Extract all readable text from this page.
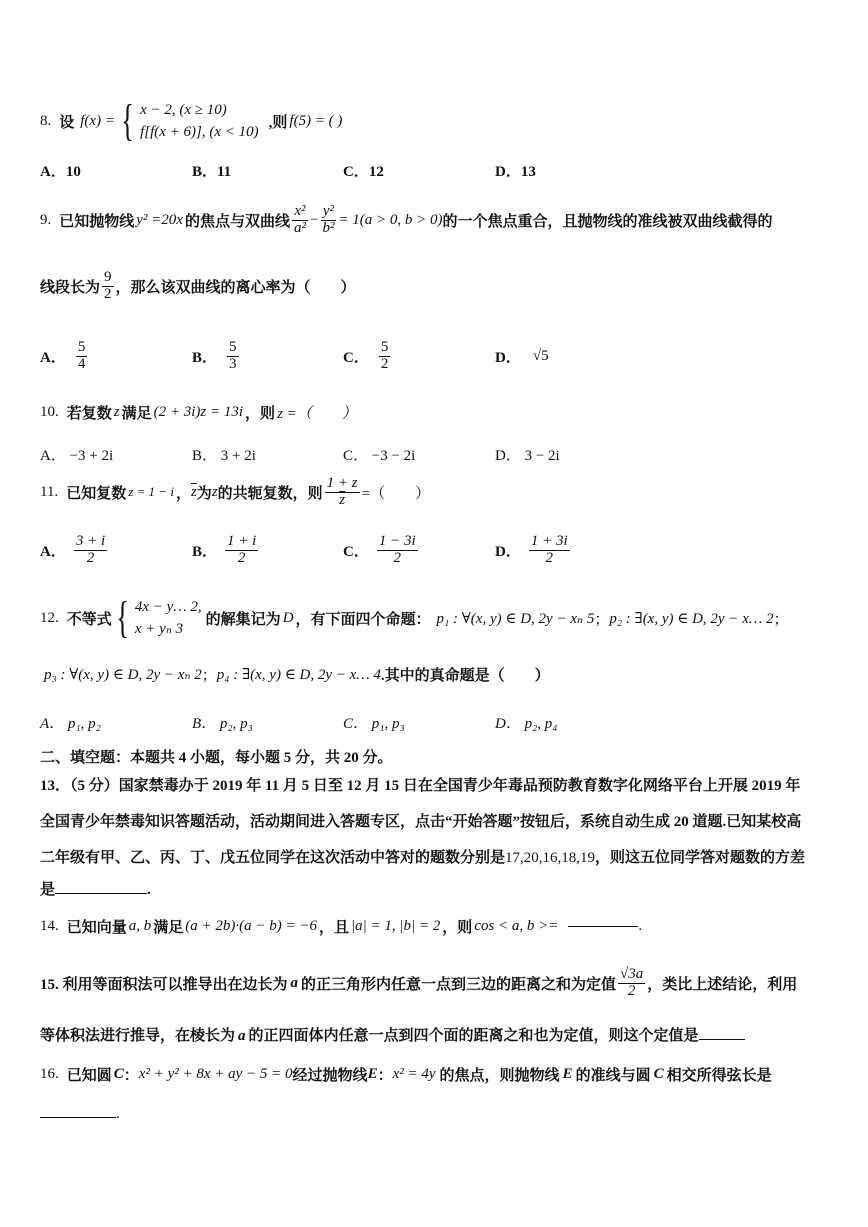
8. 设 f(x) = { x − 2, (x ≥ 10)
f[f(x + 6)], (x < 10)
,则 f(5) = ( )
A．10	B．11	C．12	D．13
9. 已知抛物线 y² =20x 的焦点与双曲线 $\frac{\text{x²}}{\text{a²}} - \frac{\text{y²}}{\text{b²}} = 1(a > 0$, b > 0) 的一个焦点重合，且抛物线的准线被双曲线截得的
线段长为 $\frac{9}{2}$ ，那么该双曲线的离心率为（　　）
A． $\frac{5}{4}$	B． $\frac{5}{3}$	C． $\frac{5}{2}$	D． √5
10. 若复数 z 满足 (2 + 3i)z = 13i ，则 z =（　　）
A． −3 + 2i	B． 3 + 2i	C． −3 − 2i	D． 3 − 2i
11. 已知复数 z = 1 − i ， $\overline{z}$ 为 z 的共轭复数，则 $\frac{1 + z}{z}$ =（　　）
A． $\frac{3 + i}{2}$	B． $\frac{1 + i}{2}$	C． $\frac{1 - 3i}{2}$	D． $\frac{1 + 3i}{2}$
12. 不等式 { 4x − y… 2,
x + yₙ 3
的解集记为 D ，有下面四个命题： p₁ : ∀(x, y) ∈ D, 2y − xₙ 5 ； p₂ : ∃(x, y) ∈ D, 2y − x… 2 ；
p₃ : ∀(x, y) ∈ D, 2y − xₙ 2 ； p₄ : ∃(x, y) ∈ D, 2y − x… 4 .其中的真命题是（　　）
A． p₁, p₂	B． p₂, p₃	C． p₁, p₃	D． p₂, p₄
二、填空题：本题共 4 小题，每小题 5 分，共 20 分。
13．（5 分）国家禁毒办于 2019 年 11 月 5 日至 12 月 15 日在全国青少年毒品预防教育数字化网络平台上开展 2019 年
全国青少年禁毒知识答题活动，活动期间进入答题专区，点击“开始答题”按钮后，系统自动生成 20 道题.已知某校高
二年级有甲、乙、丙、丁、戊五位同学在这次活动中答对的题数分别是17,20,16,18,19，则这五位同学答对题数的方差
是	.
14. 已知向量 a, b 满足 (a + 2b)·(a − b) = −6 ，且 |a| = 1, |b| = 2 ，则 cos < a, b >=	.
15. 利用等面积法可以推导出在边长为 a 的正三角形内任意一点到三边的距离之和为定值 $\frac{√3a}{2}$ ，类比上述结论，利用
等体积法进行推导，在棱长为 a 的正四面体内任意一点到四个面的距离之和也为定值，则这个定值是
16. 已知圆 C ： x² + y² + 8x + ay − 5 = 0 经过抛物线 E ： x² = 4y 的焦点，则抛物线 E 的准线与圆 C 相交所得弦长是
.
